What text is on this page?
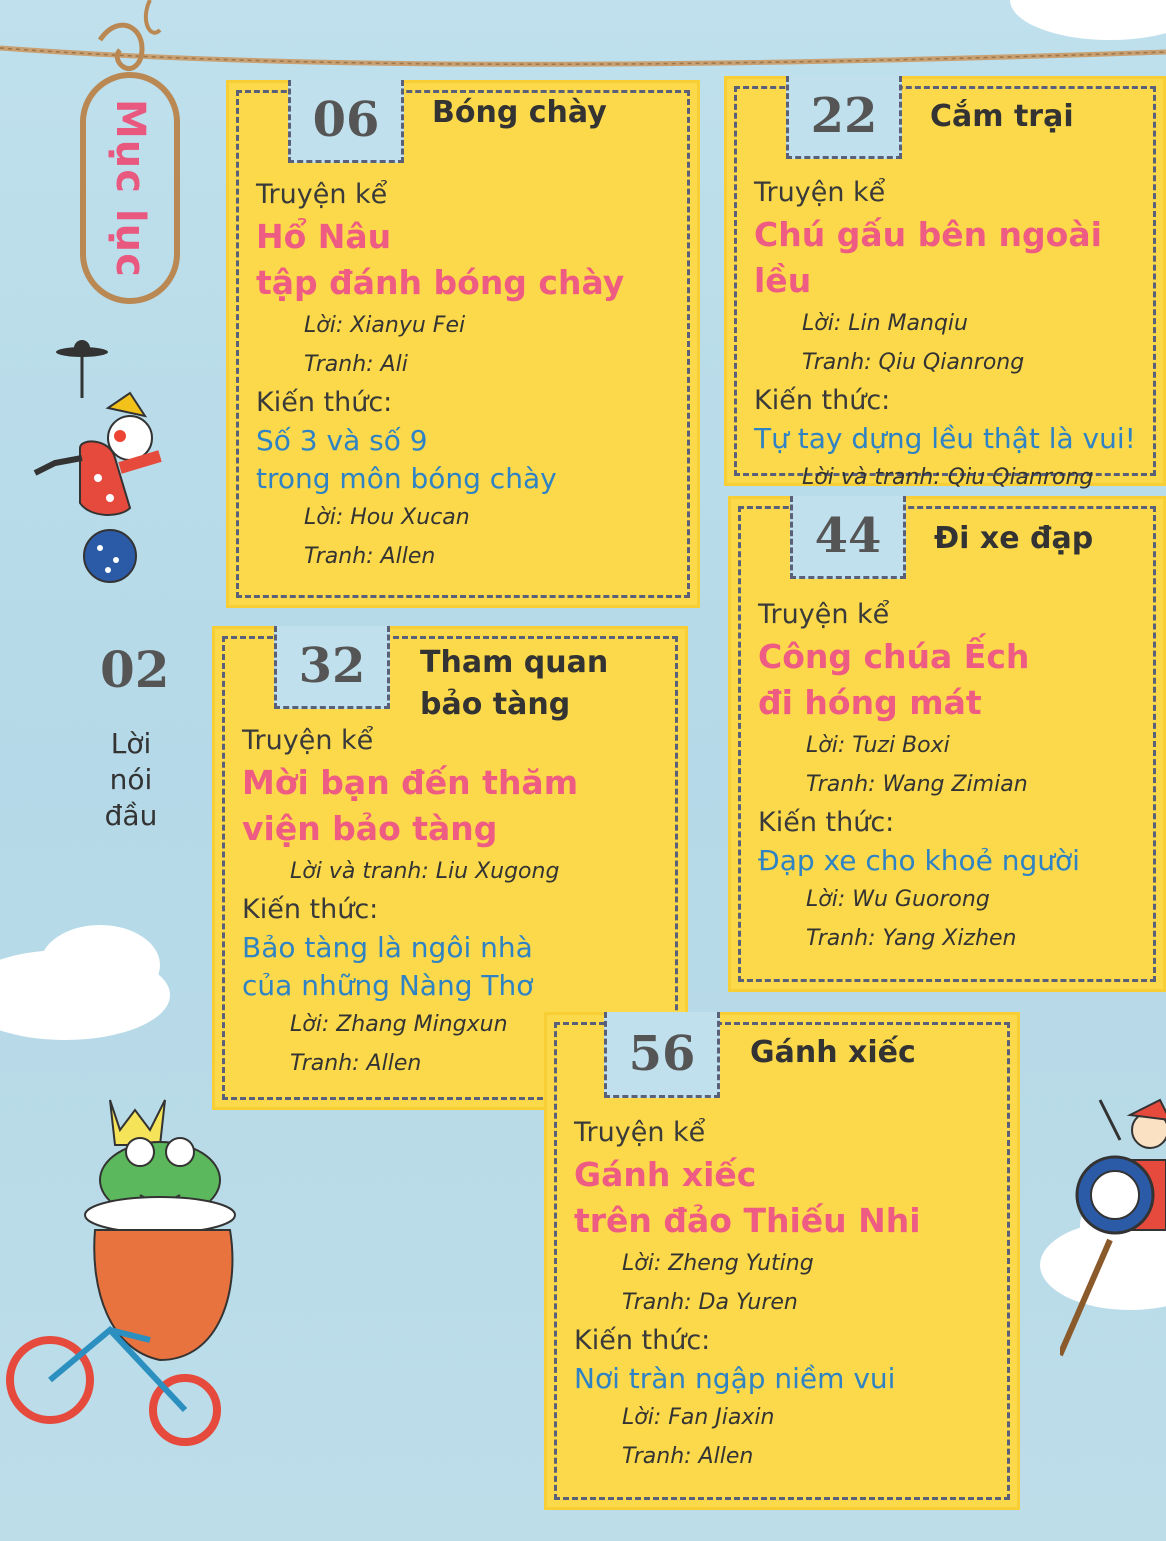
Mục lục
02
Lời nói đầu
06 Bóng chày
Truyện kể
Hổ Nâu
tập đánh bóng chày
Lời: Xianyu Fei
Tranh: Ali
Kiến thức:
Số 3 và số 9
trong môn bóng chày
Lời: Hou Xucan
Tranh: Allen
22 Cắm trại
Truyện kể
Chú gấu bên ngoài lều
Lời: Lin Manqiu
Tranh: Qiu Qianrong
Kiến thức:
Tự tay dựng lều thật là vui!
Lời và tranh: Qiu Qianrong
32 Tham quan
bảo tàng
Truyện kể
Mời bạn đến thăm
viện bảo tàng
Lời và tranh: Liu Xugong
Kiến thức:
Bảo tàng là ngôi nhà
của những Nàng Thơ
Lời: Zhang Mingxun
Tranh: Allen
44 Đi xe đạp
Truyện kể
Công chúa Ếch
đi hóng mát
Lời: Tuzi Boxi
Tranh: Wang Zimian
Kiến thức:
Đạp xe cho khoẻ người
Lời: Wu Guorong
Tranh: Yang Xizhen
56 Gánh xiếc
Truyện kể
Gánh xiếc
trên đảo Thiếu Nhi
Lời: Zheng Yuting
Tranh: Da Yuren
Kiến thức:
Nơi tràn ngập niềm vui
Lời: Fan Jiaxin
Tranh: Allen
